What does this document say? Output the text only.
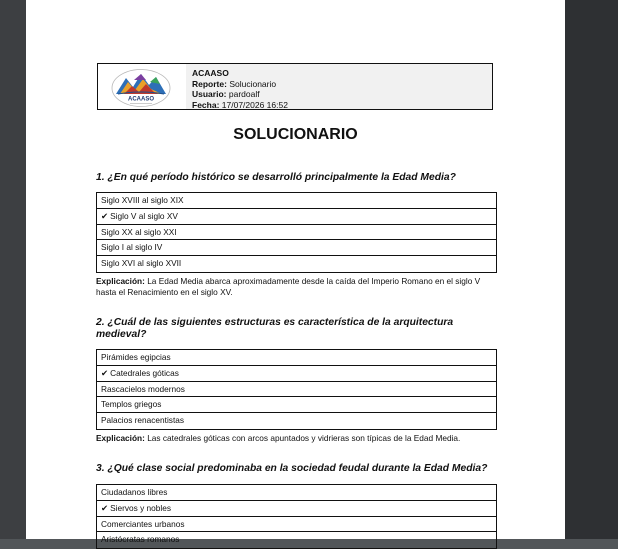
ACAASO
ACAASO
Reporte: Solucionario
Usuario: pardoalf
Fecha: 17/07/2026 16:52
SOLUCIONARIO
1. ¿En qué período histórico se desarrolló principalmente la Edad Media?
Siglo XVIII al siglo XIX
✔ Siglo V al siglo XV
Siglo XX al siglo XXI
Siglo I al siglo IV
Siglo XVI al siglo XVII
Explicación: La Edad Media abarca aproximadamente desde la caída del Imperio Romano en el siglo V hasta el Renacimiento en el siglo XV.
2. ¿Cuál de las siguientes estructuras es característica de la arquitectura medieval?
Pirámides egipcias
✔ Catedrales góticas
Rascacielos modernos
Templos griegos
Palacios renacentistas
Explicación: Las catedrales góticas con arcos apuntados y vidrieras son típicas de la Edad Media.
3. ¿Qué clase social predominaba en la sociedad feudal durante la Edad Media?
Ciudadanos libres
✔ Siervos y nobles
Comerciantes urbanos
Aristócratas romanos
